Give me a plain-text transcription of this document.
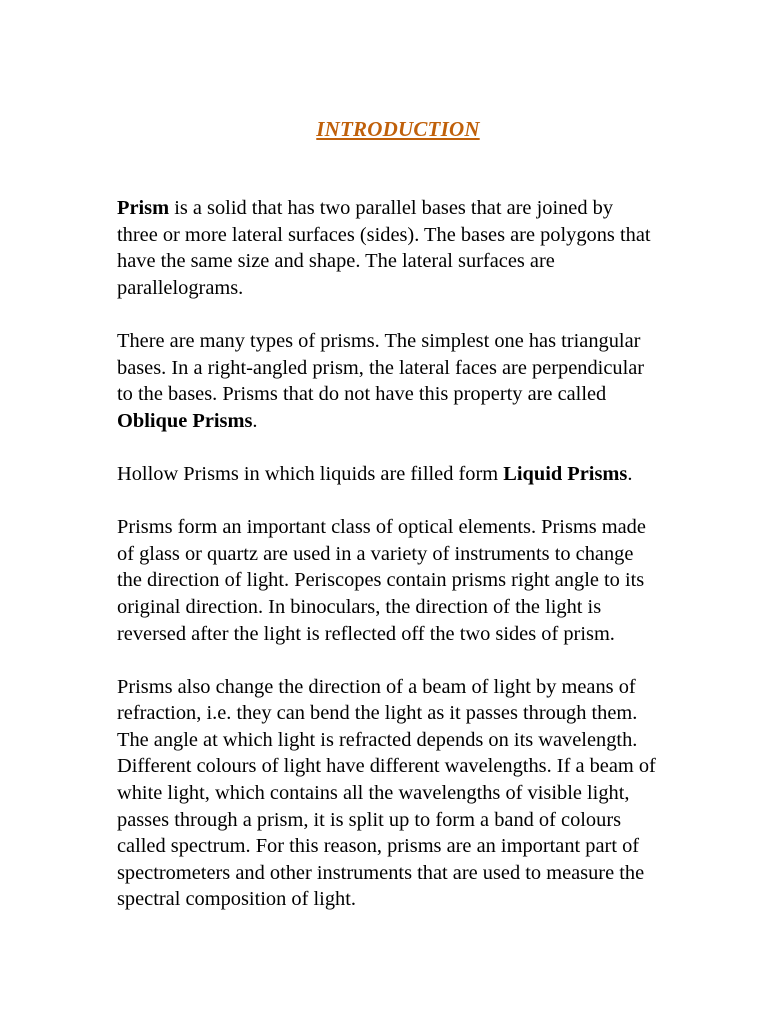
INTRODUCTION

Prism is a solid that has two parallel bases that are joined by
three or more lateral surfaces (sides). The bases are polygons that
have the same size and shape. The lateral surfaces are
parallelograms.

There are many types of prisms. The simplest one has triangular
bases. In a right-angled prism, the lateral faces are perpendicular
to the bases. Prisms that do not have this property are called
Oblique Prisms.

Hollow Prisms in which liquids are filled form Liquid Prisms.

Prisms form an important class of optical elements. Prisms made
of glass or quartz are used in a variety of instruments to change
the direction of light. Periscopes contain prisms right angle to its
original direction. In binoculars, the direction of the light is
reversed after the light is reflected off the two sides of prism.

Prisms also change the direction of a beam of light by means of
refraction, i.e. they can bend the light as it passes through them.
The angle at which light is refracted depends on its wavelength.
Different colours of light have different wavelengths. If a beam of
white light, which contains all the wavelengths of visible light,
passes through a prism, it is split up to form a band of colours
called spectrum. For this reason, prisms are an important part of
spectrometers and other instruments that are used to measure the
spectral composition of light.
